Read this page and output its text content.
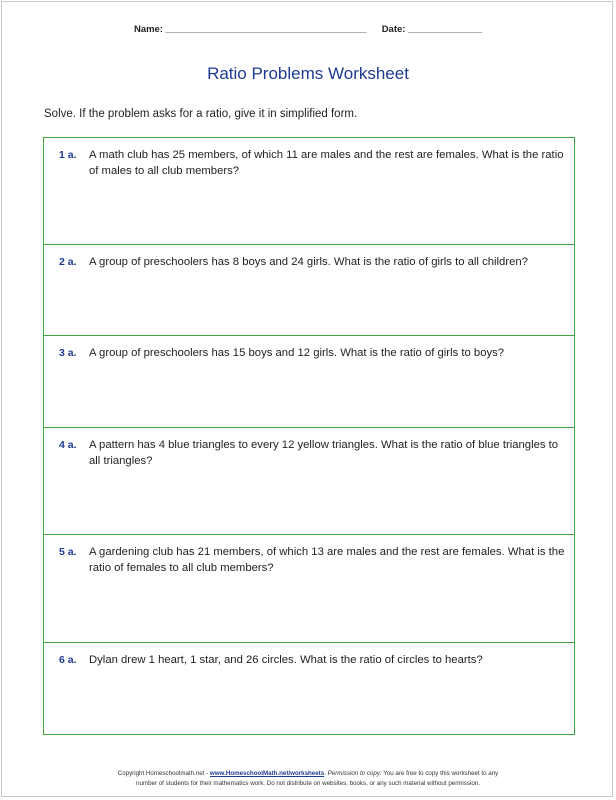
Name: ______________________________________ Date: ______________
Ratio Problems Worksheet
Solve. If the problem asks for a ratio, give it in simplified form.
1 a. A math club has 25 members, of which 11 are males and the rest are females. What is the ratio of males to all club members?
2 a. A group of preschoolers has 8 boys and 24 girls. What is the ratio of girls to all children?
3 a. A group of preschoolers has 15 boys and 12 girls. What is the ratio of girls to boys?
4 a. A pattern has 4 blue triangles to every 12 yellow triangles. What is the ratio of blue triangles to all triangles?
5 a. A gardening club has 21 members, of which 13 are males and the rest are females. What is the ratio of females to all club members?
6 a. Dylan drew 1 heart, 1 star, and 26 circles. What is the ratio of circles to hearts?
Copyright Homeschoolmath.net - www.HomeschoolMath.net/worksheets. Permission to copy: You are free to copy this worksheet to any
number of students for their mathematics work. Do not distribute on websites, books, or any such material without permission.
